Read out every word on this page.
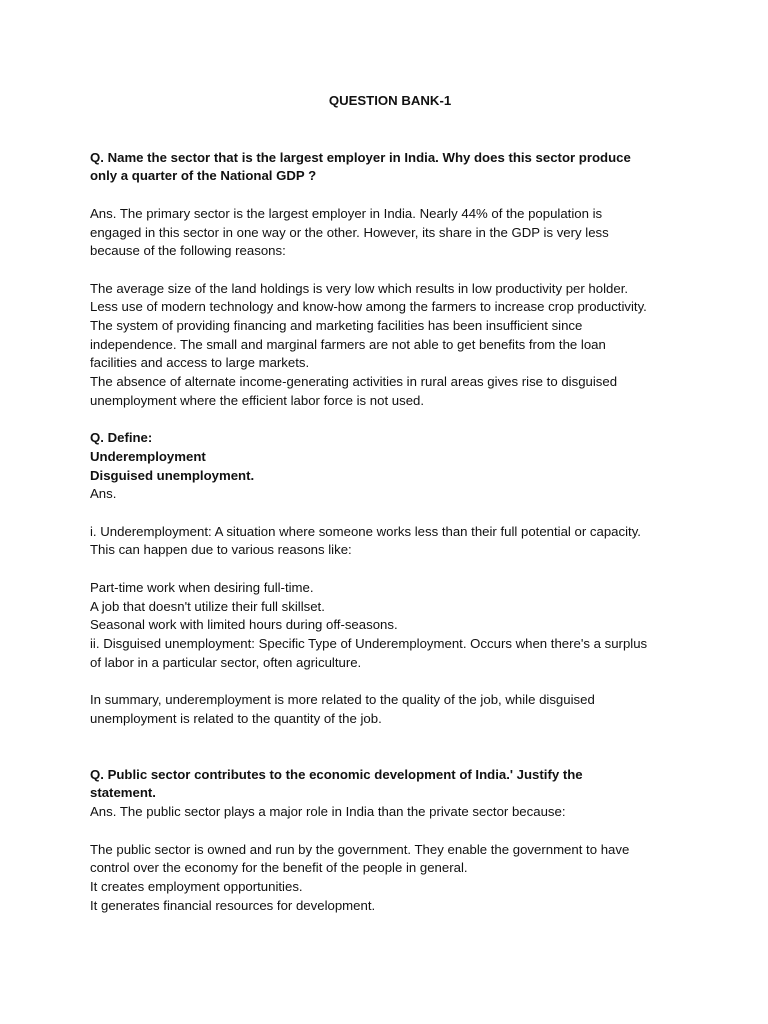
QUESTION BANK-1
Q. Name the sector that is the largest employer in India. Why does this sector produce
only a quarter of the National GDP ?
Ans. The primary sector is the largest employer in India. Nearly 44% of the population is
engaged in this sector in one way or the other. However, its share in the GDP is very less
because of the following reasons:
The average size of the land holdings is very low which results in low productivity per holder.
Less use of modern technology and know-how among the farmers to increase crop productivity.
The system of providing financing and marketing facilities has been insufficient since
independence. The small and marginal farmers are not able to get benefits from the loan
facilities and access to large markets.
The absence of alternate income-generating activities in rural areas gives rise to disguised
unemployment where the efficient labor force is not used.
Q. Define:
Underemployment
Disguised unemployment.
Ans.
i. Underemployment: A situation where someone works less than their full potential or capacity.
This can happen due to various reasons like:
Part-time work when desiring full-time.
A job that doesn't utilize their full skillset.
Seasonal work with limited hours during off-seasons.
ii. Disguised unemployment: Specific Type of Underemployment. Occurs when there's a surplus
of labor in a particular sector, often agriculture.
In summary, underemployment is more related to the quality of the job, while disguised
unemployment is related to the quantity of the job.
Q. Public sector contributes to the economic development of India.' Justify the
statement.
Ans. The public sector plays a major role in India than the private sector because:
The public sector is owned and run by the government. They enable the government to have
control over the economy for the benefit of the people in general.
It creates employment opportunities.
It generates financial resources for development.
